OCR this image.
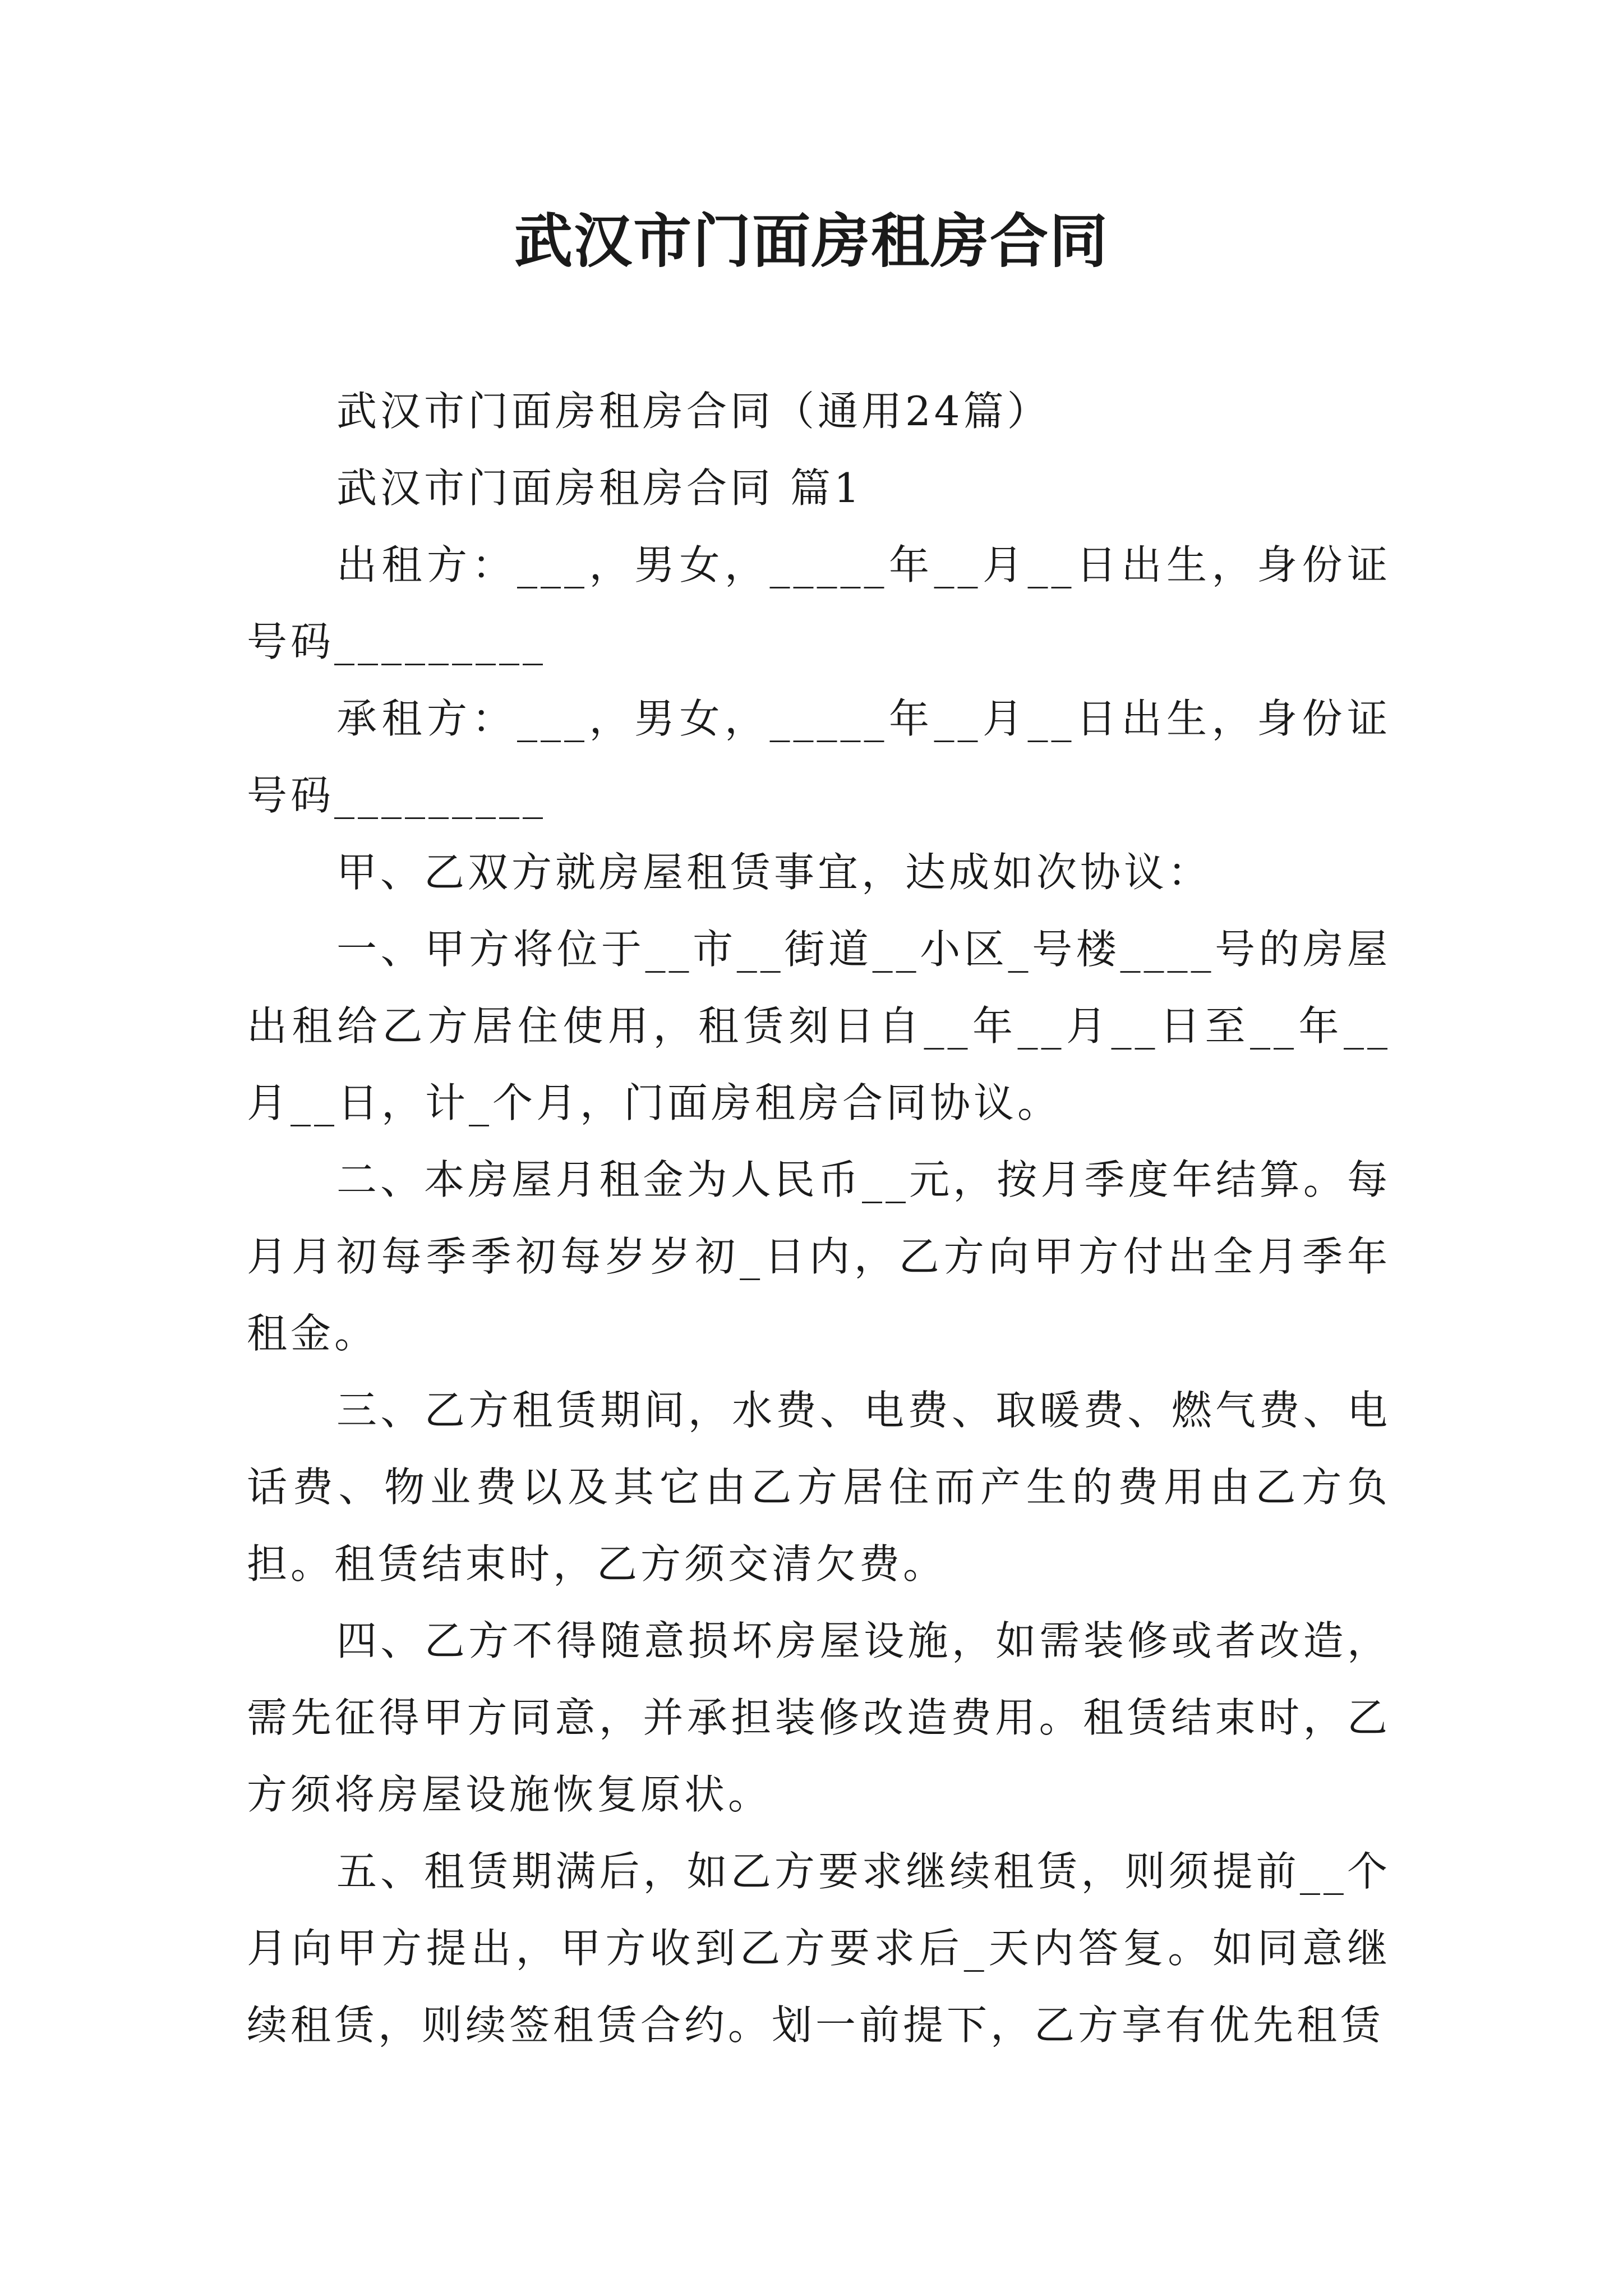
武汉市门面房租房合同

武汉市门面房租房合同（通用24篇）

武汉市门面房租房合同 篇1

出租方：___，男女，_____年__月__日出生，身份证号码_________

承租方：___，男女，_____年__月__日出生，身份证号码_________

甲、乙双方就房屋租赁事宜，达成如次协议：

一、甲方将位于__市__街道__小区_号楼____号的房屋出租给乙方居住使用，租赁刻日自__年__月__日至__年__月__日，计_个月，门面房租房合同协议。

二、本房屋月租金为人民币__元，按月季度年结算。每月月初每季季初每岁岁初_日内，乙方向甲方付出全月季年租金。

三、乙方租赁期间，水费、电费、取暖费、燃气费、电话费、物业费以及其它由乙方居住而产生的费用由乙方负担。租赁结束时，乙方须交清欠费。

四、乙方不得随意损坏房屋设施，如需装修或者改造，需先征得甲方同意，并承担装修改造费用。租赁结束时，乙方须将房屋设施恢复原状。

五、租赁期满后，如乙方要求继续租赁，则须提前__个月向甲方提出，甲方收到乙方要求后_天内答复。如同意继续租赁，则续签租赁合约。划一前提下，乙方享有优先租赁
